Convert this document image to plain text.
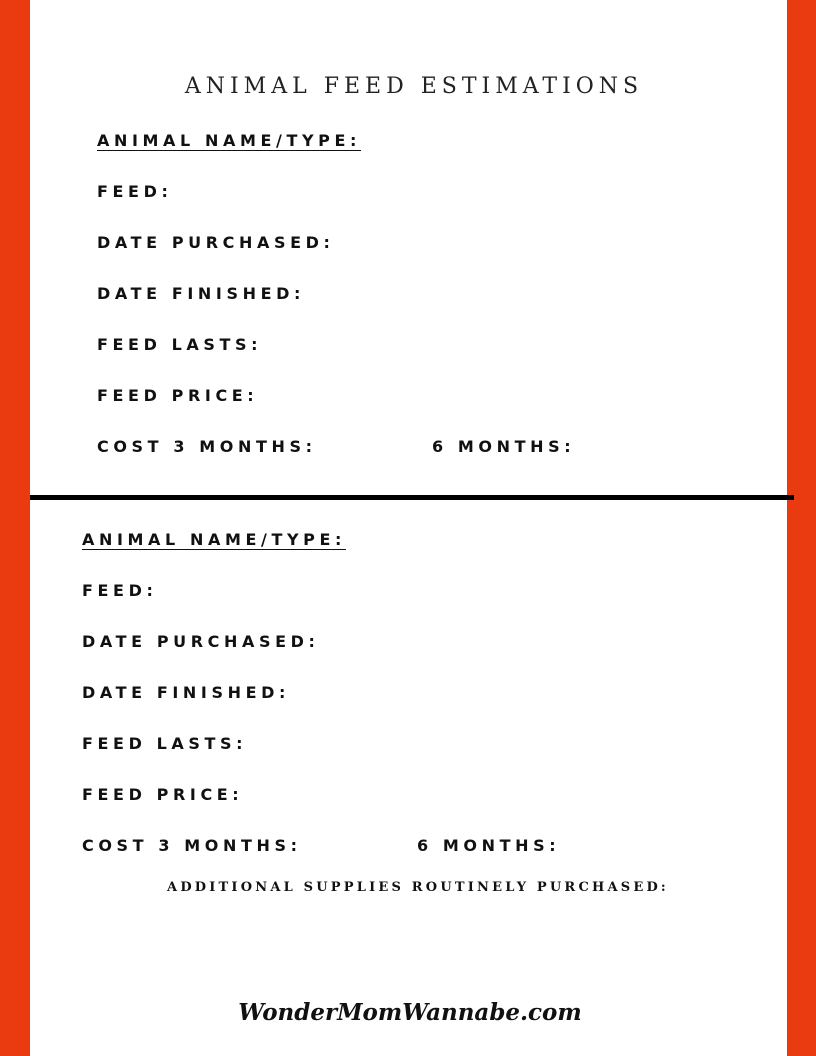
ANIMAL FEED ESTIMATIONS
ANIMAL NAME/TYPE:
FEED:
DATE PURCHASED:
DATE FINISHED:
FEED LASTS:
FEED PRICE:
COST 3 MONTHS:	6 MONTHS:
ANIMAL NAME/TYPE:
FEED:
DATE PURCHASED:
DATE FINISHED:
FEED LASTS:
FEED PRICE:
COST 3 MONTHS:	6 MONTHS:
ADDITIONAL SUPPLIES ROUTINELY PURCHASED:
WonderMomWannabe.com
